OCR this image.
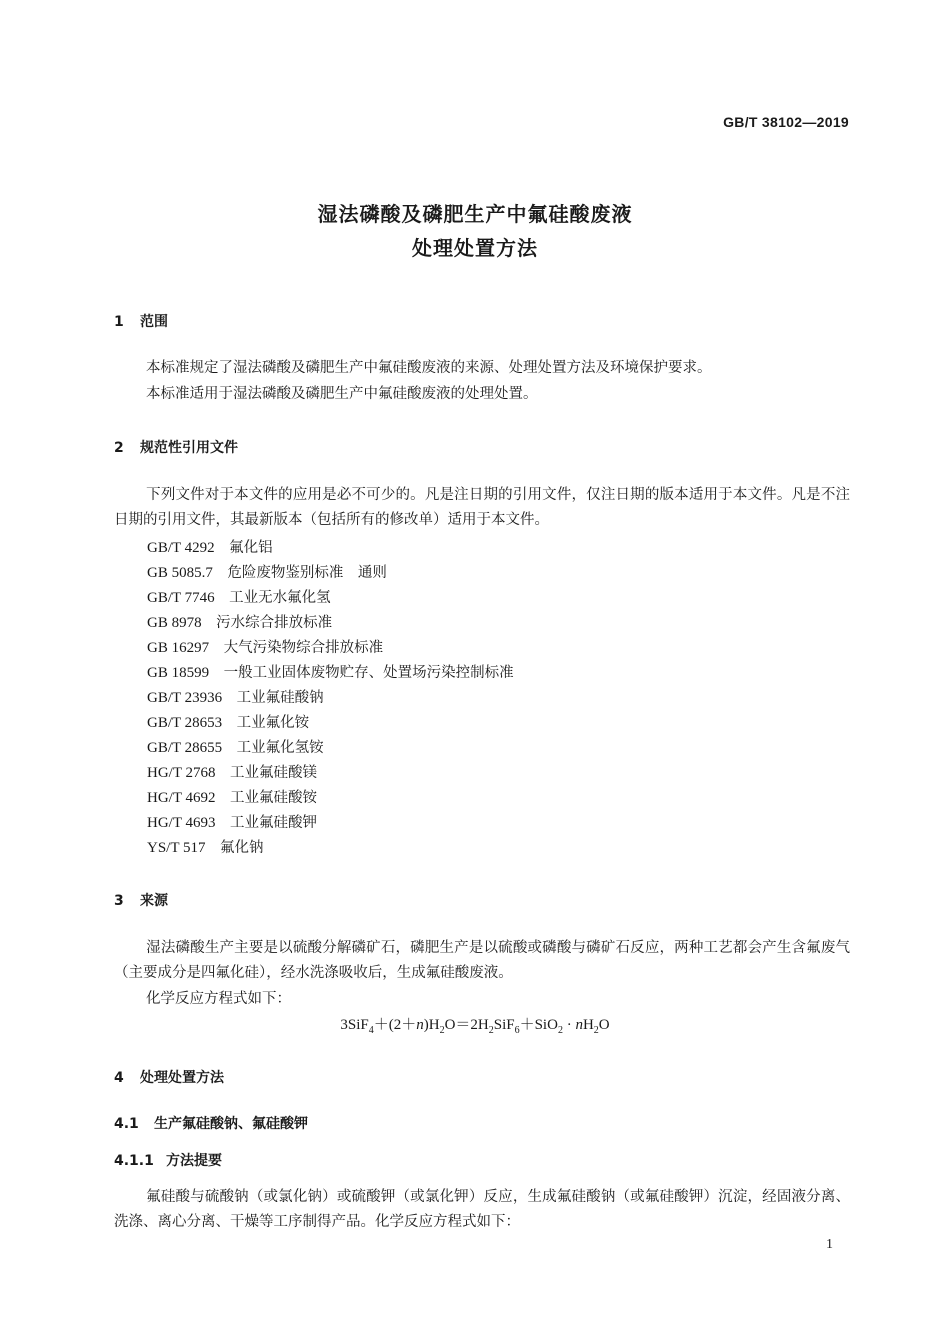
GB/T 38102—2019
湿法磷酸及磷肥生产中氟硅酸废液
处理处置方法
1 范围
本标准规定了湿法磷酸及磷肥生产中氟硅酸废液的来源、处理处置方法及环境保护要求。
本标准适用于湿法磷酸及磷肥生产中氟硅酸废液的处理处置。
2 规范性引用文件
下列文件对于本文件的应用是必不可少的。凡是注日期的引用文件，仅注日期的版本适用于本文件。凡是不注日期的引用文件，其最新版本（包括所有的修改单）适用于本文件。
GB/T 4292　 氟化铝
GB 5085.7　 危险废物鉴别标准　通则
GB/T 7746　 工业无水氟化氢
GB 8978　 污水综合排放标准
GB 16297　 大气污染物综合排放标准
GB 18599　 一般工业固体废物贮存、处置场污染控制标准
GB/T 23936　 工业氟硅酸钠
GB/T 28653　 工业氟化铵
GB/T 28655　 工业氟化氢铵
HG/T 2768　 工业氟硅酸镁
HG/T 4692　 工业氟硅酸铵
HG/T 4693　 工业氟硅酸钾
YS/T 517　 氟化钠
3 来源
湿法磷酸生产主要是以硫酸分解磷矿石，磷肥生产是以硫酸或磷酸与磷矿石反应，两种工艺都会产生含氟废气（主要成分是四氟化硅），经水洗涤吸收后，生成氟硅酸废液。
化学反应方程式如下：
$3SiF_4+(2+n)H_2O=2H_2SiF_6+SiO_2 \cdot nH_2O$
4 处理处置方法
4.1 生产氟硅酸钠、氟硅酸钾
4.1.1 方法提要
氟硅酸与硫酸钠（或氯化钠）或硫酸钾（或氯化钾）反应，生成氟硅酸钠（或氟硅酸钾）沉淀，经固液分离、洗涤、离心分离、干燥等工序制得产品。化学反应方程式如下：
1
